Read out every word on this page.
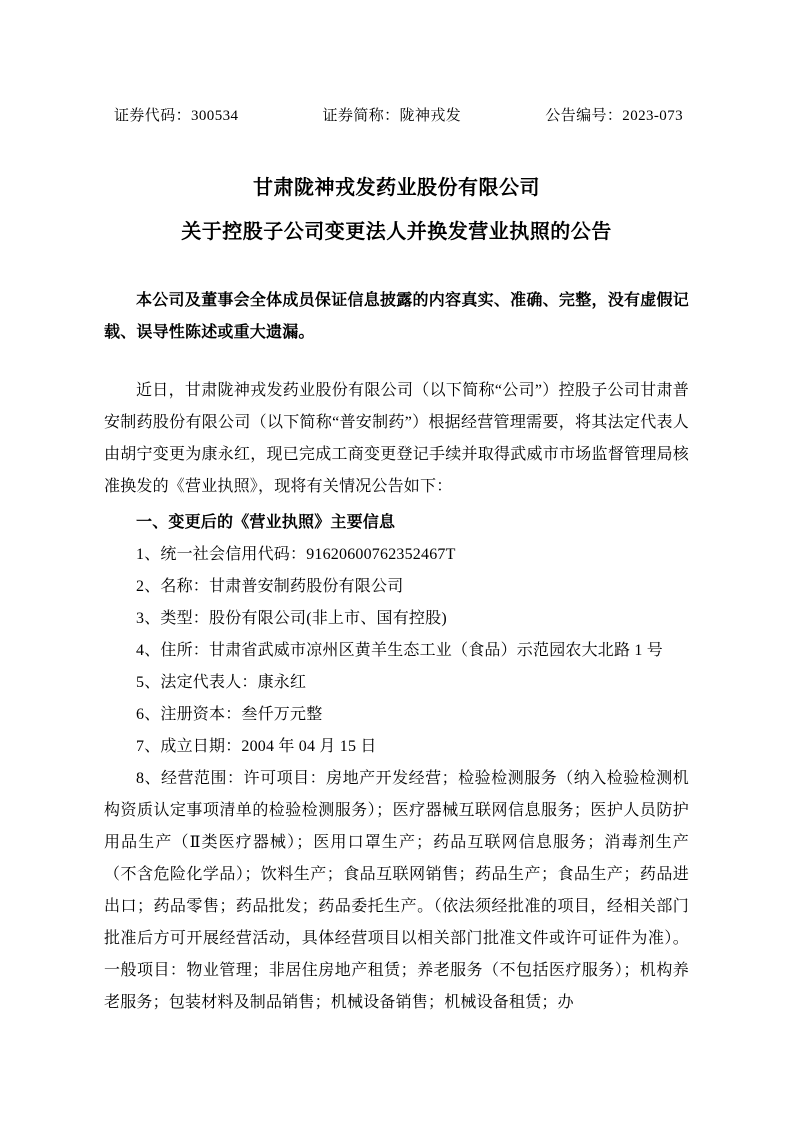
证券代码：300534	证券简称：陇神戎发	公告编号：2023-073
甘肃陇神戎发药业股份有限公司
关于控股子公司变更法人并换发营业执照的公告

本公司及董事会全体成员保证信息披露的内容真实、准确、完整，没有虚假记载、误导性陈述或重大遗漏。

近日，甘肃陇神戎发药业股份有限公司（以下简称“公司”）控股子公司甘肃普安制药股份有限公司（以下简称“普安制药”）根据经营管理需要，将其法定代表人由胡宁变更为康永红，现已完成工商变更登记手续并取得武威市市场监督管理局核准换发的《营业执照》，现将有关情况公告如下：

一、变更后的《营业执照》主要信息

1、统一社会信用代码：91620600762352467T

2、名称：甘肃普安制药股份有限公司

3、类型：股份有限公司(非上市、国有控股)

4、住所：甘肃省武威市凉州区黄羊生态工业（食品）示范园农大北路 1 号

5、法定代表人：康永红

6、注册资本：叁仟万元整

7、成立日期：2004 年 04 月 15 日

8、经营范围：许可项目：房地产开发经营；检验检测服务（纳入检验检测机构资质认定事项清单的检验检测服务）；医疗器械互联网信息服务；医护人员防护用品生产（Ⅱ类医疗器械）；医用口罩生产；药品互联网信息服务；消毒剂生产（不含危险化学品）；饮料生产；食品互联网销售；药品生产；食品生产；药品进出口；药品零售；药品批发；药品委托生产。（依法须经批准的项目，经相关部门批准后方可开展经营活动，具体经营项目以相关部门批准文件或许可证件为准）。一般项目：物业管理；非居住房地产租赁；养老服务（不包括医疗服务）；机构养老服务；包装材料及制品销售；机械设备销售；机械设备租赁；办
